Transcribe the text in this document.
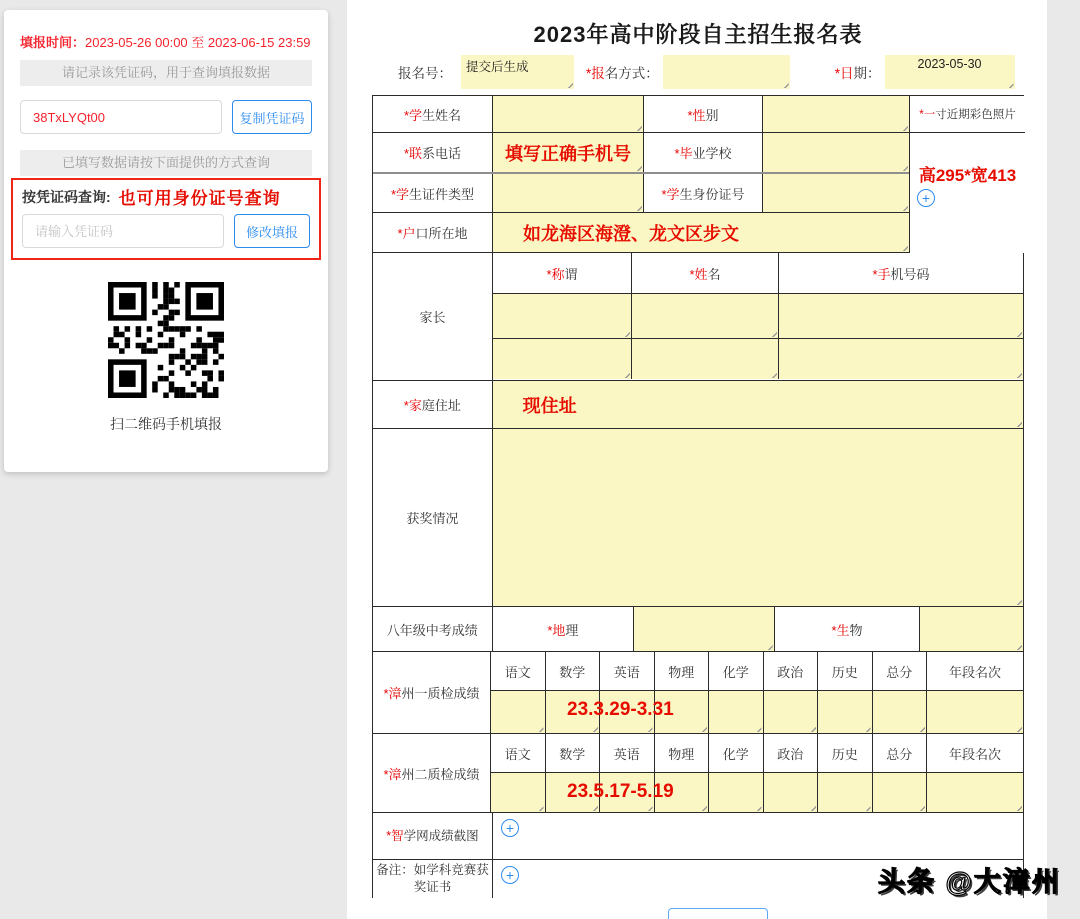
填报时间：2023-05-26 00:00 至 2023-06-15 23:59
请记录该凭证码，用于查询填报数据
38TxLYQt00
复制凭证码
已填写数据请按下面提供的方式查询
按凭证码查询: 也可用身份证号查询
请输入凭证码
修改填报
扫二维码手机填报
2023年高中阶段自主招生报名表
报名号：	提交后生成	*报名方式：	*日期：
2023-05-30
*一寸近期彩色照片
高295*宽413
+
*学生姓名	*性别
*联系电话 填写正确手机号	*毕业学校
*学生证件类型	*学生身份证号
*户口所在地	如龙海区海澄、龙文区步文
家长
*称谓	*姓名	*手机号码
*家庭住址	现住址
获奖情况
八年级中考成绩	*地理	*生物
*漳州一质检成绩
语文	数学	英语	物理	化学	政治	历史	总分	年段名次
23.3.29-3.31
*漳州二质检成绩
语文	数学	英语	物理	化学	政治	历史	总分	年段名次
23.5.17-5.19
*智学网成绩截图	+
备注：如学科竞赛获奖证书
+	头条 @大漳州
